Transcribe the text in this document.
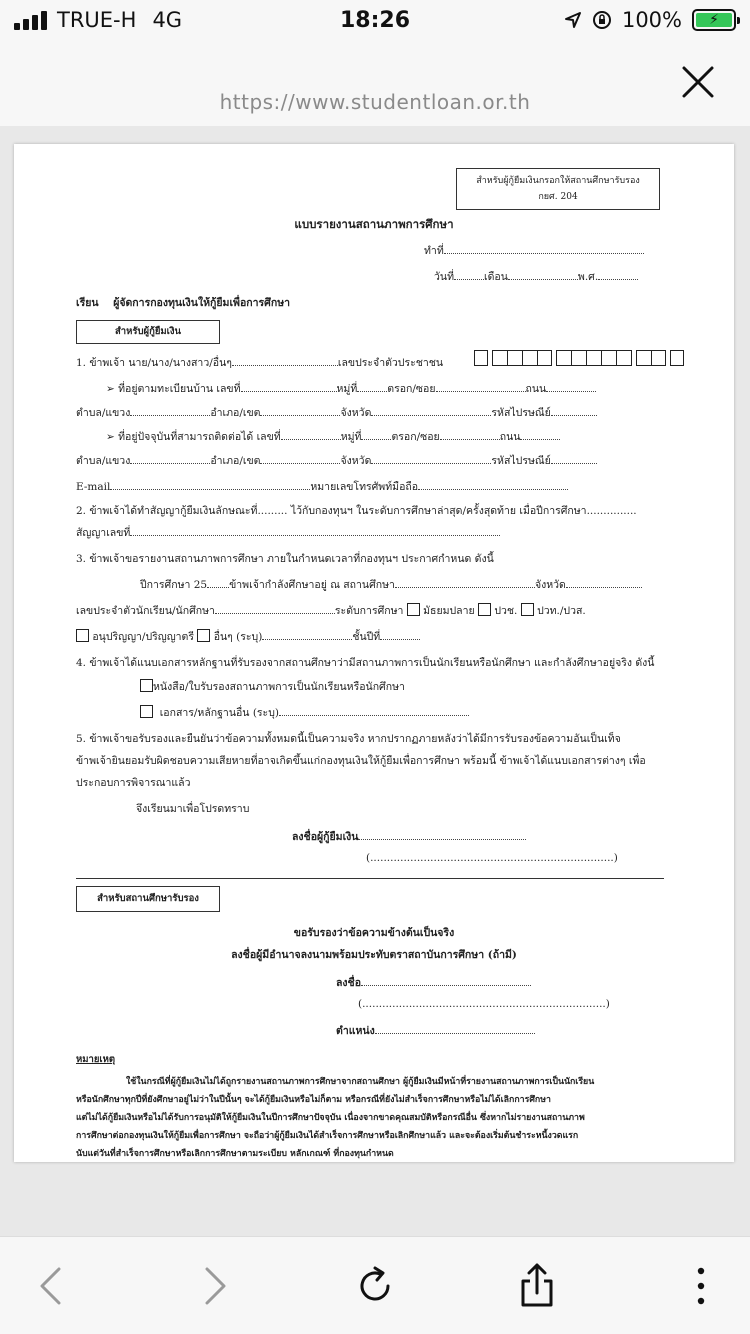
TRUE-H 4G	18:26	100%	⚡
https://www.studentloan.or.th
สำหรับผู้กู้ยืมเงินกรอกให้สถานศึกษารับรอง
กยศ. 204
แบบรายงานสถานภาพการศึกษา
ทำที่
วันที่	เดือน	พ.ศ.
เรียน ผู้จัดการกองทุนเงินให้กู้ยืมเพื่อการศึกษา
สำหรับผู้กู้ยืมเงิน
1. ข้าพเจ้า นาย/นาง/นางสาว/อื่นๆ	เลขประจำตัวประชาชน
➢ ที่อยู่ตามทะเบียนบ้าน เลขที่	หมู่ที่	ตรอก/ซอย	ถนน
ตำบล/แขวง	อำเภอ/เขต	จังหวัด	รหัสไปรษณีย์
➢ ที่อยู่ปัจจุบันที่สามารถติดต่อได้ เลขที่	หมู่ที่	ตรอก/ซอย	ถนน
ตำบล/แขวง	อำเภอ/เขต	จังหวัด	รหัสไปรษณีย์
E-mail	หมายเลขโทรศัพท์มือถือ
2. ข้าพเจ้าได้ทำสัญญากู้ยืมเงินลักษณะที่......... ไว้กับกองทุนฯ ในระดับการศึกษาล่าสุด/ครั้งสุดท้าย เมื่อปีการศึกษา...............
สัญญาเลขที่
3. ข้าพเจ้าขอรายงานสถานภาพการศึกษา ภายในกำหนดเวลาที่กองทุนฯ ประกาศกำหนด ดังนี้
ปีการศึกษา 25 ข้าพเจ้ากำลังศึกษาอยู่ ณ สถานศึกษา	จังหวัด
เลขประจำตัวนักเรียน/นักศึกษา	ระดับการศึกษา มัธยมปลาย ปวช. ปวท./ปวส.
อนุปริญญา/ปริญญาตรี อื่นๆ (ระบุ)	ชั้นปีที่
4. ข้าพเจ้าได้แนบเอกสารหลักฐานที่รับรองจากสถานศึกษาว่ามีสถานภาพการเป็นนักเรียนหรือนักศึกษา และกำลังศึกษาอยู่จริง ดังนี้
หนังสือ/ใบรับรองสถานภาพการเป็นนักเรียนหรือนักศึกษา
เอกสาร/หลักฐานอื่น (ระบุ)
5. ข้าพเจ้าขอรับรองและยืนยันว่าข้อความทั้งหมดนี้เป็นความจริง หากปรากฏภายหลังว่าได้มีการรับรองข้อความอันเป็นเท็จ
ข้าพเจ้ายินยอมรับผิดชอบความเสียหายที่อาจเกิดขึ้นแก่กองทุนเงินให้กู้ยืมเพื่อการศึกษา พร้อมนี้ ข้าพเจ้าได้แนบเอกสารต่างๆ เพื่อ
ประกอบการพิจารณาแล้ว
จึงเรียนมาเพื่อโปรดทราบ
ลงชื่อผู้กู้ยืมเงิน
(.........................................................................)
สำหรับสถานศึกษารับรอง
ขอรับรองว่าข้อความข้างต้นเป็นจริง
ลงชื่อผู้มีอำนาจลงนามพร้อมประทับตราสถาบันการศึกษา (ถ้ามี)
ลงชื่อ
(.........................................................................)
ตำแหน่ง
หมายเหตุ
ใช้ในกรณีที่ผู้กู้ยืมเงินไม่ได้ถูกรายงานสถานภาพการศึกษาจากสถานศึกษา ผู้กู้ยืมเงินมีหน้าที่รายงานสถานภาพการเป็นนักเรียน
หรือนักศึกษาทุกปีที่ยังศึกษาอยู่ไม่ว่าในปีนั้นๆ จะได้กู้ยืมเงินหรือไม่ก็ตาม หรือกรณีที่ยังไม่สำเร็จการศึกษาหรือไม่ได้เลิกการศึกษา
แต่ไม่ได้กู้ยืมเงินหรือไม่ได้รับการอนุมัติให้กู้ยืมเงินในปีการศึกษาปัจจุบัน เนื่องจากขาดคุณสมบัติหรือกรณีอื่น ซึ่งหากไม่รายงานสถานภาพ
การศึกษาต่อกองทุนเงินให้กู้ยืมเพื่อการศึกษา จะถือว่าผู้กู้ยืมเงินได้สำเร็จการศึกษาหรือเลิกศึกษาแล้ว และจะต้องเริ่มต้นชำระหนี้งวดแรก
นับแต่วันที่สำเร็จการศึกษาหรือเลิกการศึกษาตามระเบียบ หลักเกณฑ์ ที่กองทุนกำหนด
